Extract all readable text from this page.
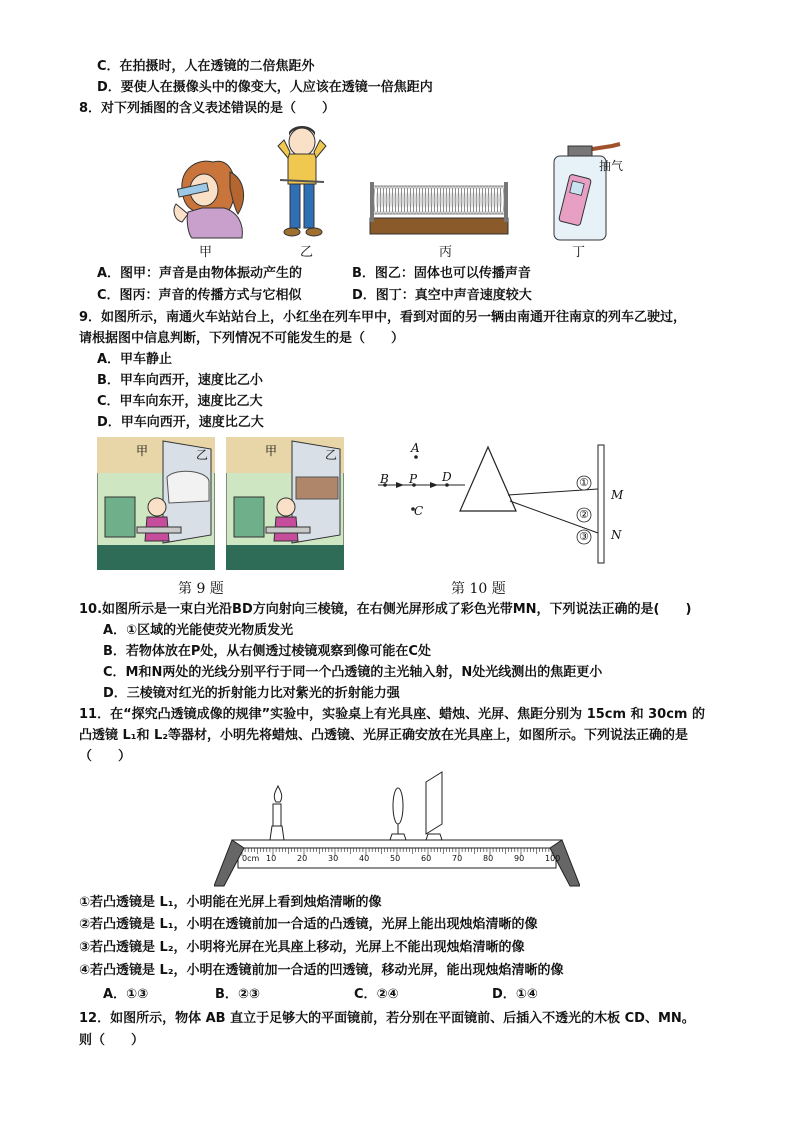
C．在拍摄时，人在透镜的二倍焦距外
D．要使人在摄像头中的像变大，人应该在透镜一倍焦距内
8．对下列插图的含义表述错误的是（　　）
抽气
甲	乙	丙	丁
A．图甲：声音是由物体振动产生的	B．图乙：固体也可以传播声音
C．图丙：声音的传播方式与它相似	D．图丁：真空中声音速度较大
9．如图所示，南通火车站站台上，小红坐在列车甲中，看到对面的另一辆由南通开往南京的列车乙驶过，
请根据图中信息判断，下列情况不可能发生的是（　　）
A．甲车静止
B．甲车向西开，速度比乙小
C．甲车向东开，速度比乙大
D．甲车向西开，速度比乙大
甲	乙	甲	乙
第 9 题
A
B P D
C
M
N
①
②
③
第 10 题
10.如图所示是一束白光沿BD方向射向三棱镜，在右侧光屏形成了彩色光带MN，下列说法正确的是(　　)
A．①区域的光能使荧光物质发光
B．若物体放在P处，从右侧透过棱镜观察到像可能在C处
C．M和N两处的光线分别平行于同一个凸透镜的主光轴入射，N处光线测出的焦距更小
D．三棱镜对红光的折射能力比对紫光的折射能力强
11．在“探究凸透镜成像的规律”实验中，实验桌上有光具座、蜡烛、光屏、焦距分别为 15cm 和 30cm 的
凸透镜 L₁和 L₂等器材，小明先将蜡烛、凸透镜、光屏正确安放在光具座上，如图所示。下列说法正确的是
（　　）
0cm 10	20	30	40	50	60	70	80	90	100
①若凸透镜是 L₁，小明能在光屏上看到烛焰清晰的像
②若凸透镜是 L₁，小明在透镜前加一合适的凸透镜，光屏上能出现烛焰清晰的像
③若凸透镜是 L₂，小明将光屏在光具座上移动，光屏上不能出现烛焰清晰的像
④若凸透镜是 L₂，小明在透镜前加一合适的凹透镜，移动光屏，能出现烛焰清晰的像
A．①③	B．②③	C．②④	D．①④
12．如图所示，物体 AB 直立于足够大的平面镜前，若分别在平面镜前、后插入不透光的木板 CD、MN。
则（　　）
